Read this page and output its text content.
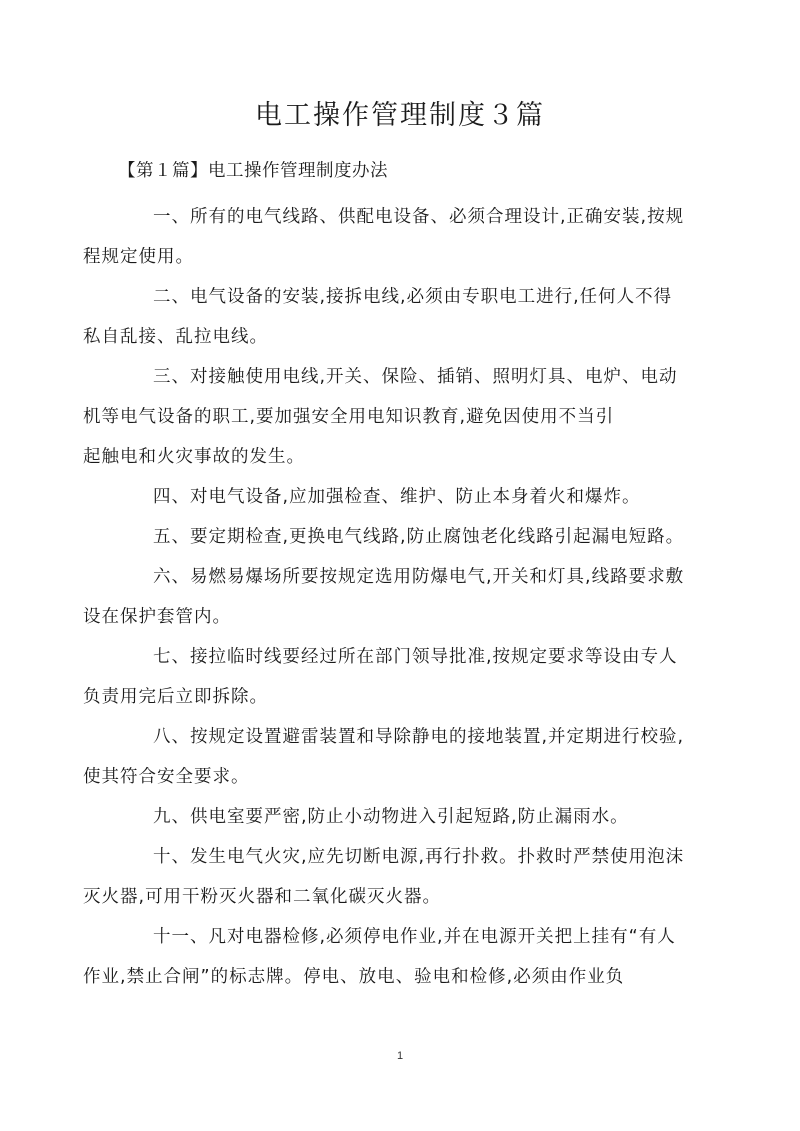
电工操作管理制度３篇

【第１篇】电工操作管理制度办法

一、所有的电气线路、供配电设备、必须合理设计,正确安装,按规
程规定使用。
二、电气设备的安装,接拆电线,必须由专职电工进行,任何人不得
私自乱接、乱拉电线。
三、对接触使用电线,开关、保险、插销、照明灯具、电炉、电动
机等电气设备的职工,要加强安全用电知识教育,避免因使用不当引
起触电和火灾事故的发生。
四、对电气设备,应加强检查、维护、防止本身着火和爆炸。
五、要定期检查,更换电气线路,防止腐蚀老化线路引起漏电短路。
六、易燃易爆场所要按规定选用防爆电气,开关和灯具,线路要求敷
设在保护套管内。
七、接拉临时线要经过所在部门领导批准,按规定要求等设由专人
负责用完后立即拆除。
八、按规定设置避雷装置和导除静电的接地装置,并定期进行校验,
使其符合安全要求。
九、供电室要严密,防止小动物进入引起短路,防止漏雨水。
十、发生电气火灾,应先切断电源,再行扑救。扑救时严禁使用泡沫
灭火器,可用干粉灭火器和二氧化碳灭火器。
十一、凡对电器检修,必须停电作业,并在电源开关把上挂有“有人
作业,禁止合闸”的标志牌。停电、放电、验电和检修,必须由作业负
1
